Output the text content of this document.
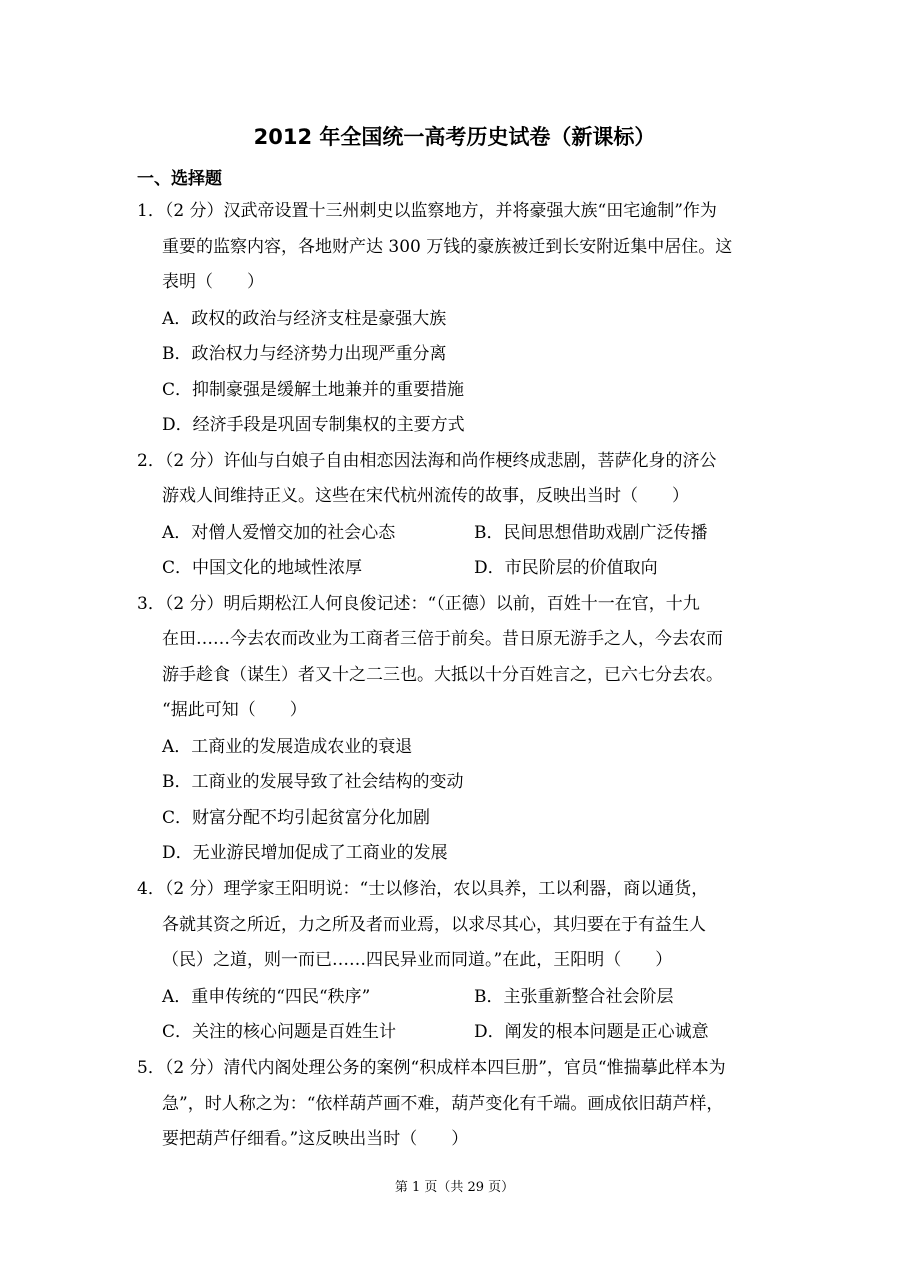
2012 年全国统一高考历史试卷（新课标）
一、选择题
1．（2 分）汉武帝设置十三州刺史以监察地方，并将豪强大族“田宅逾制”作为
重要的监察内容，各地财产达 300 万钱的豪族被迁到长安附近集中居住。这
表明（　　）
A．政权的政治与经济支柱是豪强大族
B．政治权力与经济势力出现严重分离
C．抑制豪强是缓解土地兼并的重要措施
D．经济手段是巩固专制集权的主要方式
2．（2 分）许仙与白娘子自由相恋因法海和尚作梗终成悲剧，菩萨化身的济公
游戏人间维持正义。这些在宋代杭州流传的故事，反映出当时（　　）
A．对僧人爱憎交加的社会心态	B．民间思想借助戏剧广泛传播
C．中国文化的地域性浓厚	D．市民阶层的价值取向
3．（2 分）明后期松江人何良俊记述：“（正德）以前，百姓十一在官，十九
在田……今去农而改业为工商者三倍于前矣。昔日原无游手之人，今去农而
游手趁食（谋生）者又十之二三也。大抵以十分百姓言之，已六七分去农。
“据此可知（　　）
A．工商业的发展造成农业的衰退
B．工商业的发展导致了社会结构的变动
C．财富分配不均引起贫富分化加剧
D．无业游民增加促成了工商业的发展
4．（2 分）理学家王阳明说：“士以修治，农以具养，工以利器，商以通货，
各就其资之所近，力之所及者而业焉，以求尽其心，其归要在于有益生人
（民）之道，则一而已……四民异业而同道。”在此，王阳明（　　）
A．重申传统的“四民“秩序”	B．主张重新整合社会阶层
C．关注的核心问题是百姓生计	D．阐发的根本问题是正心诚意
5．（2 分）清代内阁处理公务的案例“积成样本四巨册”，官员“惟揣摹此样本为
急”，时人称之为：“依样葫芦画不难，葫芦变化有千端。画成依旧葫芦样，
要把葫芦仔细看。”这反映出当时（　　）
第 1 页（共 29 页）
